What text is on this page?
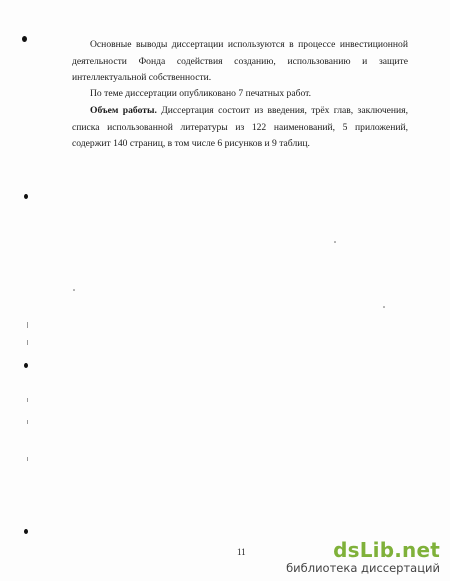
Основные выводы диссертации используются в процессе инвестиционной деятельности Фонда содействия созданию, использованию и защите интеллектуальной собственности.
По теме диссертации опубликовано 7 печатных работ.
Объем работы. Диссертация состоит из введения, трёх глав, заключения, списка использованной литературы из 122 наименований, 5 приложений, содержит 140 страниц, в том числе 6 рисунков и 9 таблиц.
11	dsLib.net
библиотека диссертаций
